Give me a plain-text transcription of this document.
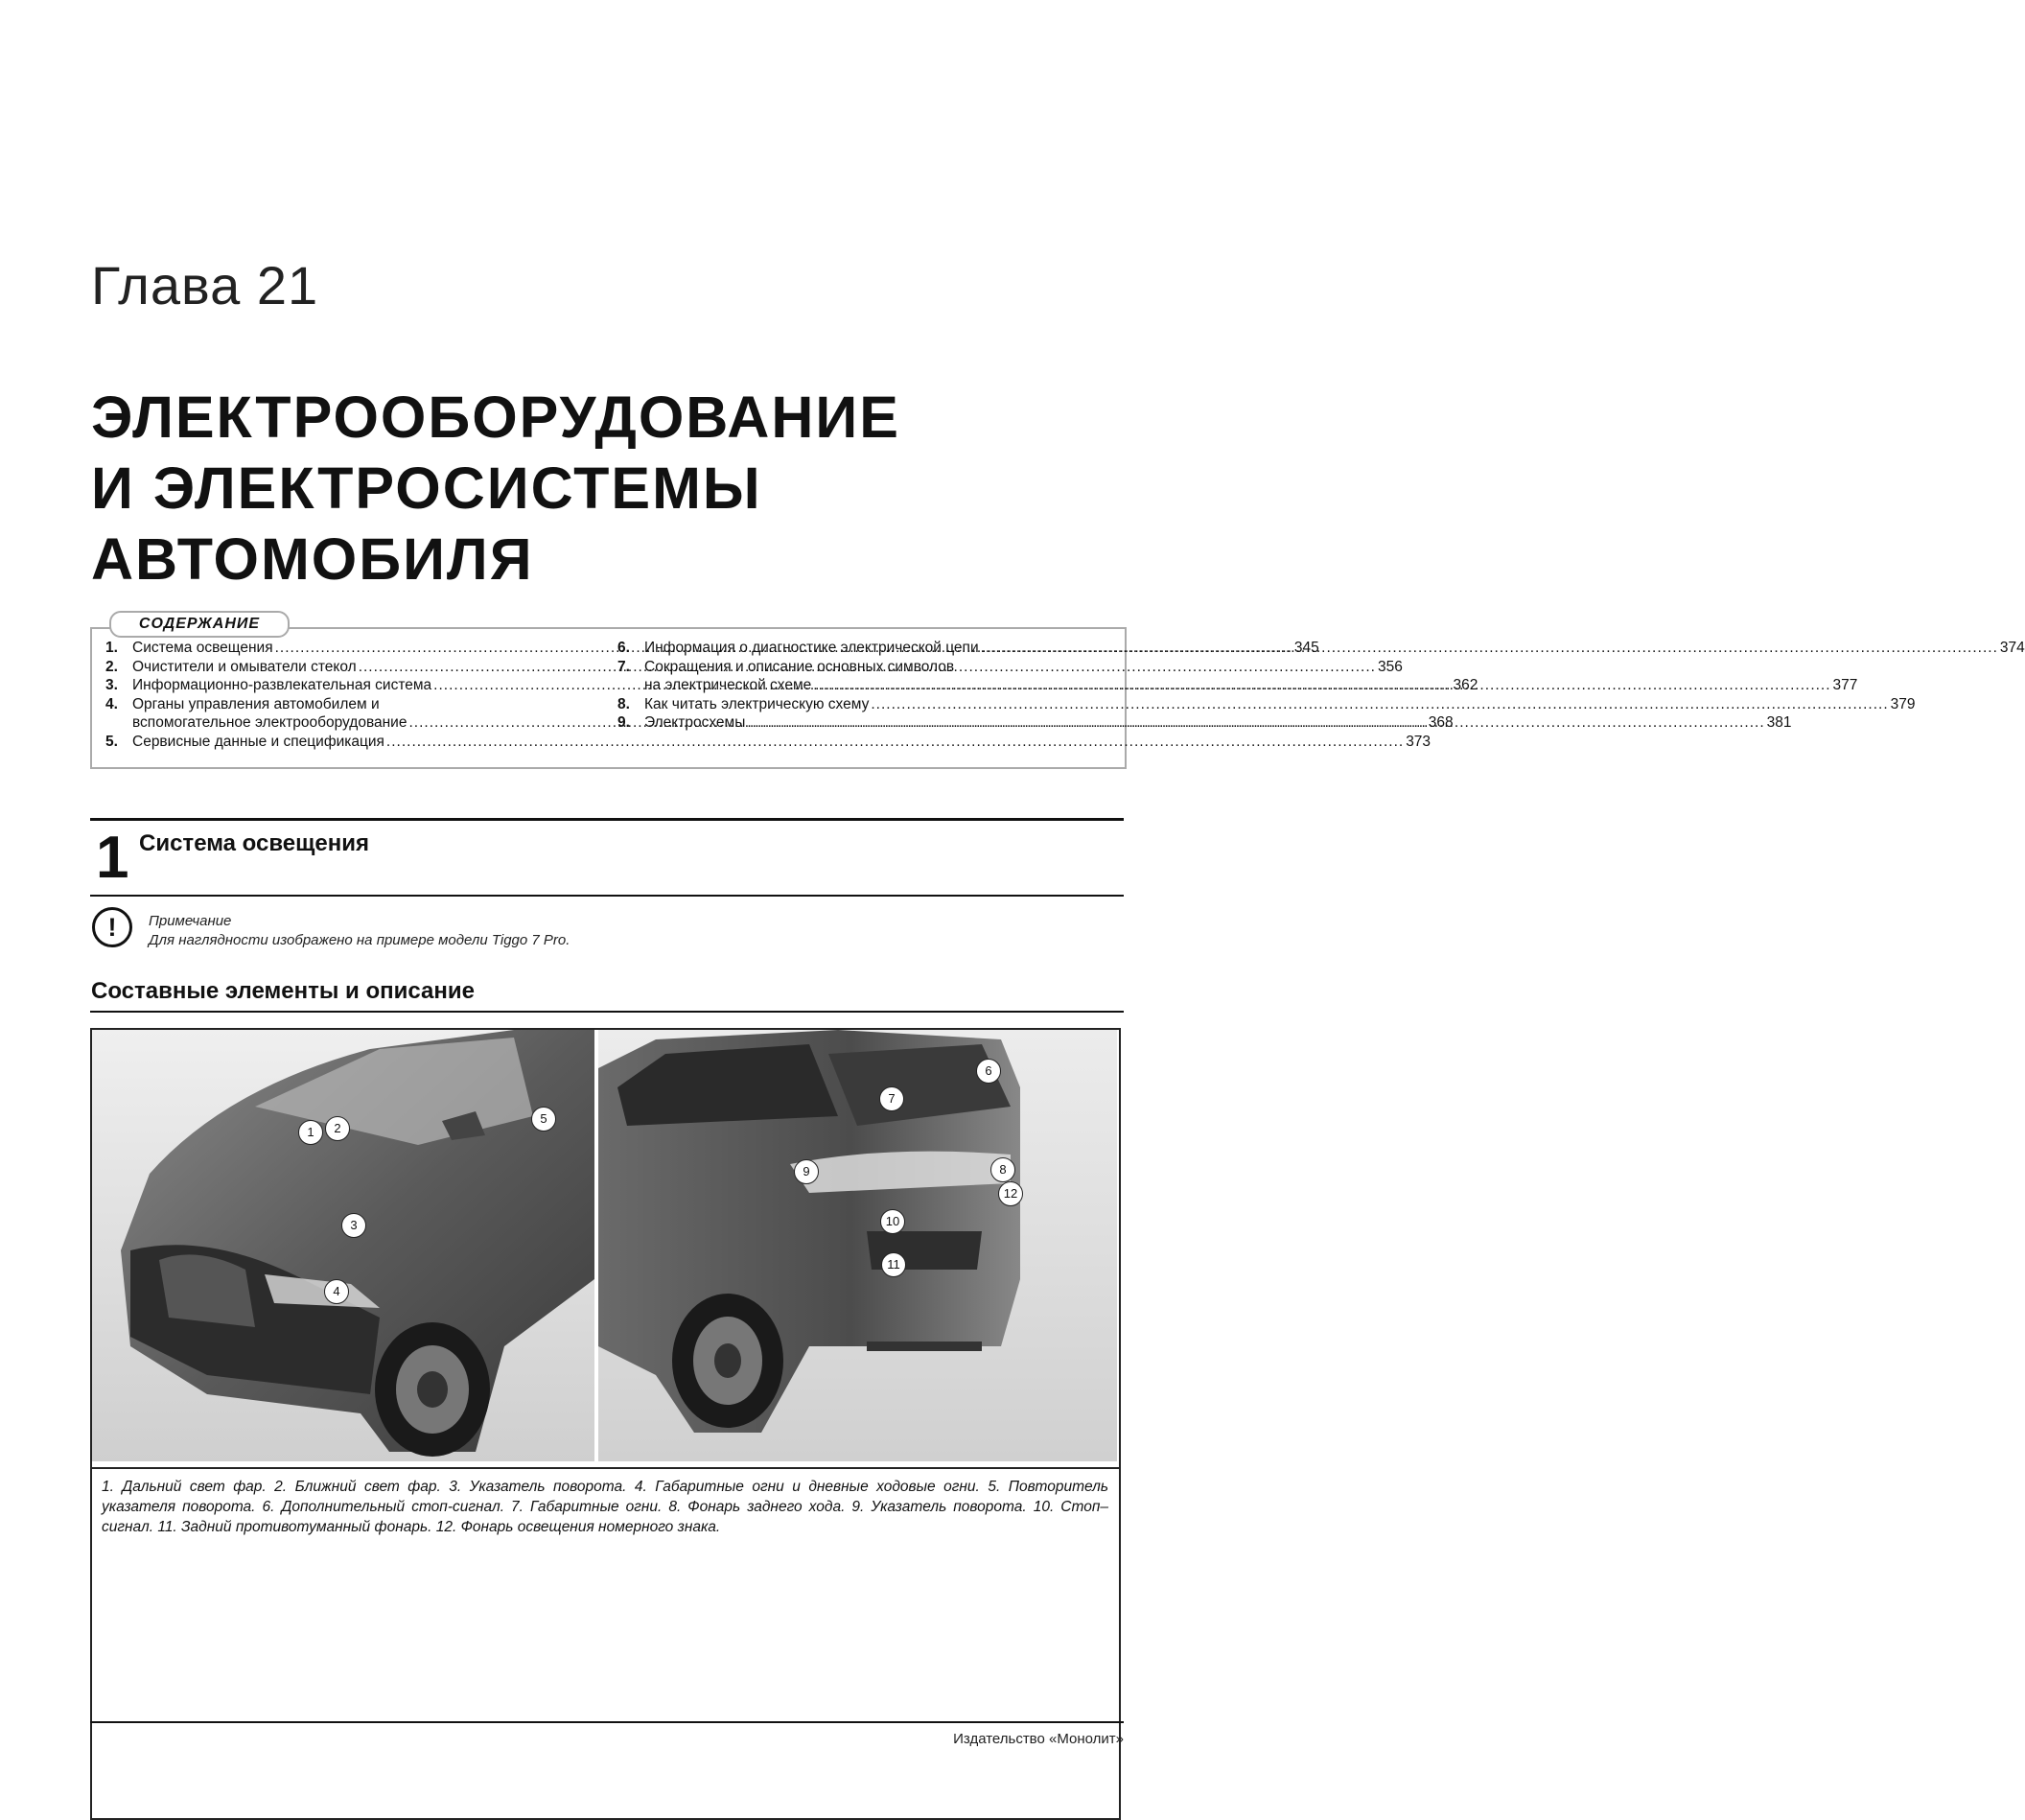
Глава 21
ЭЛЕКТРООБОРУДОВАНИЕ
И ЭЛЕКТРОСИСТЕМЫ
АВТОМОБИЛЯ
1. Система освещения .....	345
2. Очистители и омыватели стекол .....	356
3. Информационно-развлекательная система .....	362
4. Органы управления автомобилем и
вспомогательное электрооборудование .....	368
5. Сервисные данные и спецификация .....	373
6. Информация о диагностике электрической цепи .....	374
7. Сокращения и описание основных символов
на электрической схеме .....	377
8. Как читать электрическую схему .....	379
9. Электросхемы .....	381
СОДЕРЖАНИЕ
1 Система освещения
!	Примечание
Для наглядности изображено на примере модели Tiggo 7 Pro.
Составные элементы и описание
1	2
3
4
5
6
7
8
9
10
11
12
1. Дальний свет фар. 2. Ближний свет фар. 3. Указатель поворота. 4. Габаритные огни и дневные ходовые огни. 5. Повторитель указателя поворота. 6. Дополнительный стоп-сигнал. 7. Габаритные огни. 8. Фонарь заднего хода. 9. Указатель поворота. 10. Стоп–сигнал. 11. Задний противотуманный фонарь. 12. Фонарь освещения номерного знака.
Издательство «Монолит»
